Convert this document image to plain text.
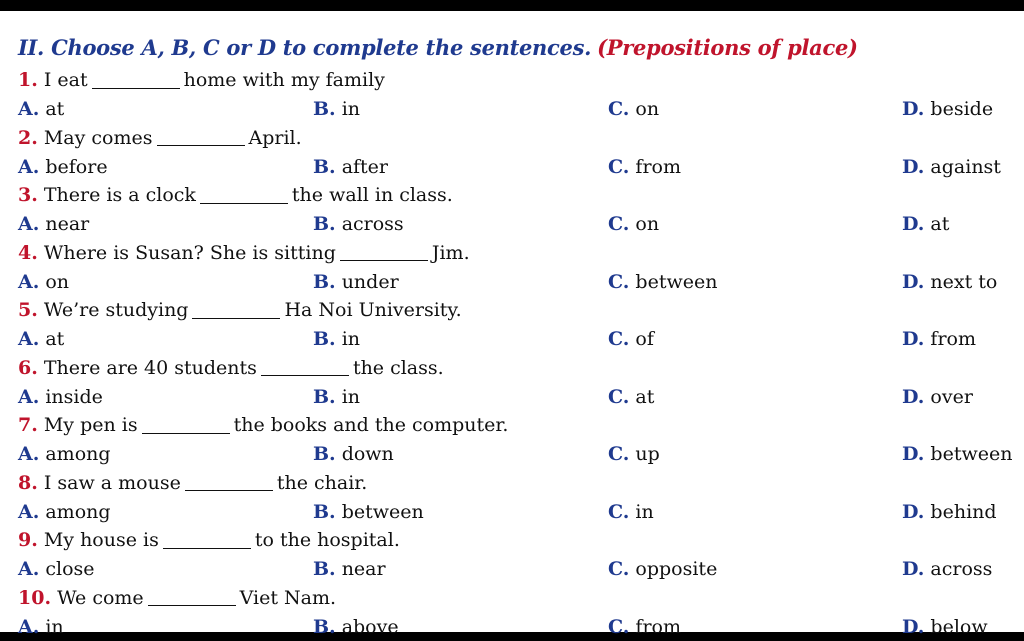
II. Choose A, B, C or D to complete the sentences. (Prepositions of place)
1. I eat	home with my family
A. at	B. in	C. on	D. beside
2. May comes	April.
A. before	B. after	C. from	D. against
3. There is a clock	the wall in class.
A. near	B. across	C. on	D. at
4. Where is Susan? She is sitting	Jim.
A. on	B. under	C. between	D. next to
5. We’re studying	Ha Noi University.
A. at	B. in	C. of	D. from
6. There are 40 students	the class.
A. inside	B. in	C. at	D. over
7. My pen is	the books and the computer.
A. among	B. down	C. up	D. between
8. I saw a mouse	the chair.
A. among	B. between	C. in	D. behind
9. My house is	to the hospital.
A. close	B. near	C. opposite	D. across
10. We come	Viet Nam.
A. in	B. above	C. from	D. below
